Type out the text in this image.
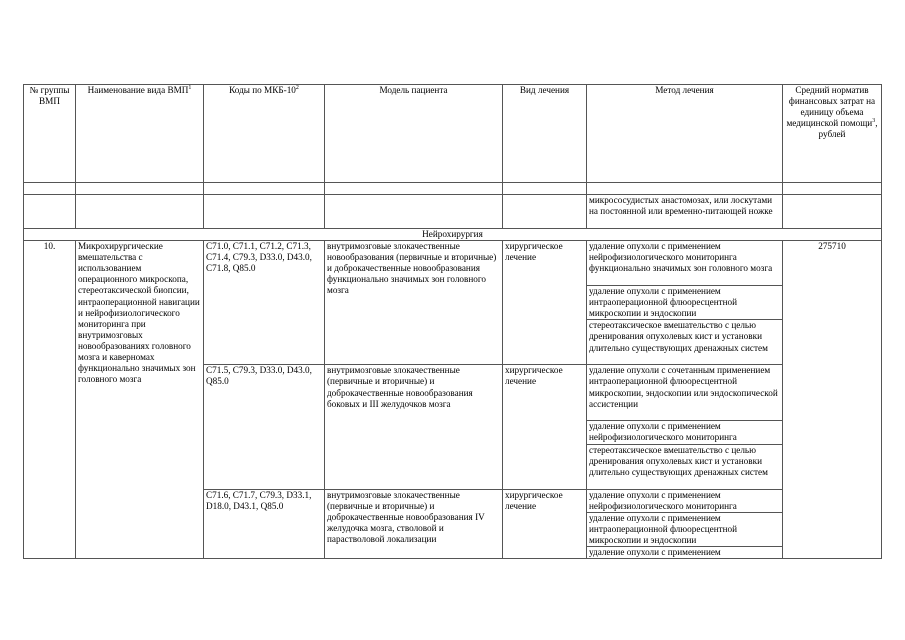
№ группы ВМП	Наименование вида ВМП$^1$	Коды по МКБ-$10^2$	Модель пациента	Вид лечения	Метод лечения	Средний норматив финансовых затрат на единицу объема медицинской помощи$^3$, рублей

					микрососудистых анастомозах, или лоскутами на постоянной или временно-питающей ножке	
Нейрохирургия						
10.	Микрохирургические вмешательства с использованием операционного микроскопа, стереотаксической биопсии, интраоперационной навигации и нейрофизиологического мониторинга при внутримозговых новообразованиях головного мозга и каверномах функционально значимых зон головного мозга	C71.0, C71.1, C71.2, C71.3, C71.4, C79.3, D33.0, D43.0, C71.8, Q85.0	внутримозговые злокачественные новообразования (первичные и вторичные) и доброкачественные новообразования функционально значимых зон головного мозга	хирургическое лечение	удаление опухоли с применением нейрофизиологического мониторинга функционально значимых зон головного мозга	275710
					удаление опухоли с применением интраоперационной флюоресцентной микроскопии и эндоскопии	
					стереотаксическое вмешательство с целью дренирования опухолевых кист и установки длительно существующих дренажных систем	
		C71.5, C79.3, D33.0, D43.0, Q85.0	внутримозговые злокачественные (первичные и вторичные) и доброкачественные новообразования боковых и III желудочков мозга	хирургическое лечение	удаление опухоли с сочетанным применением интраоперационной флюоресцентной микроскопии, эндоскопии или эндоскопической ассистенции	
					удаление опухоли с применением нейрофизиологического мониторинга	
					стереотаксическое вмешательство с целью дренирования опухолевых кист и установки длительно существующих дренажных систем	
		C71.6, C71.7, C79.3, D33.1, D18.0, D43.1, Q85.0	внутримозговые злокачественные (первичные и вторичные) и доброкачественные новообразования IV желудочка мозга, стволовой и парастволовой локализации	хирургическое лечение	удаление опухоли с применением нейрофизиологического мониторинга	
					удаление опухоли с применением интраоперационной флюоресцентной микроскопии и эндоскопии	
					удаление опухоли с применением	
